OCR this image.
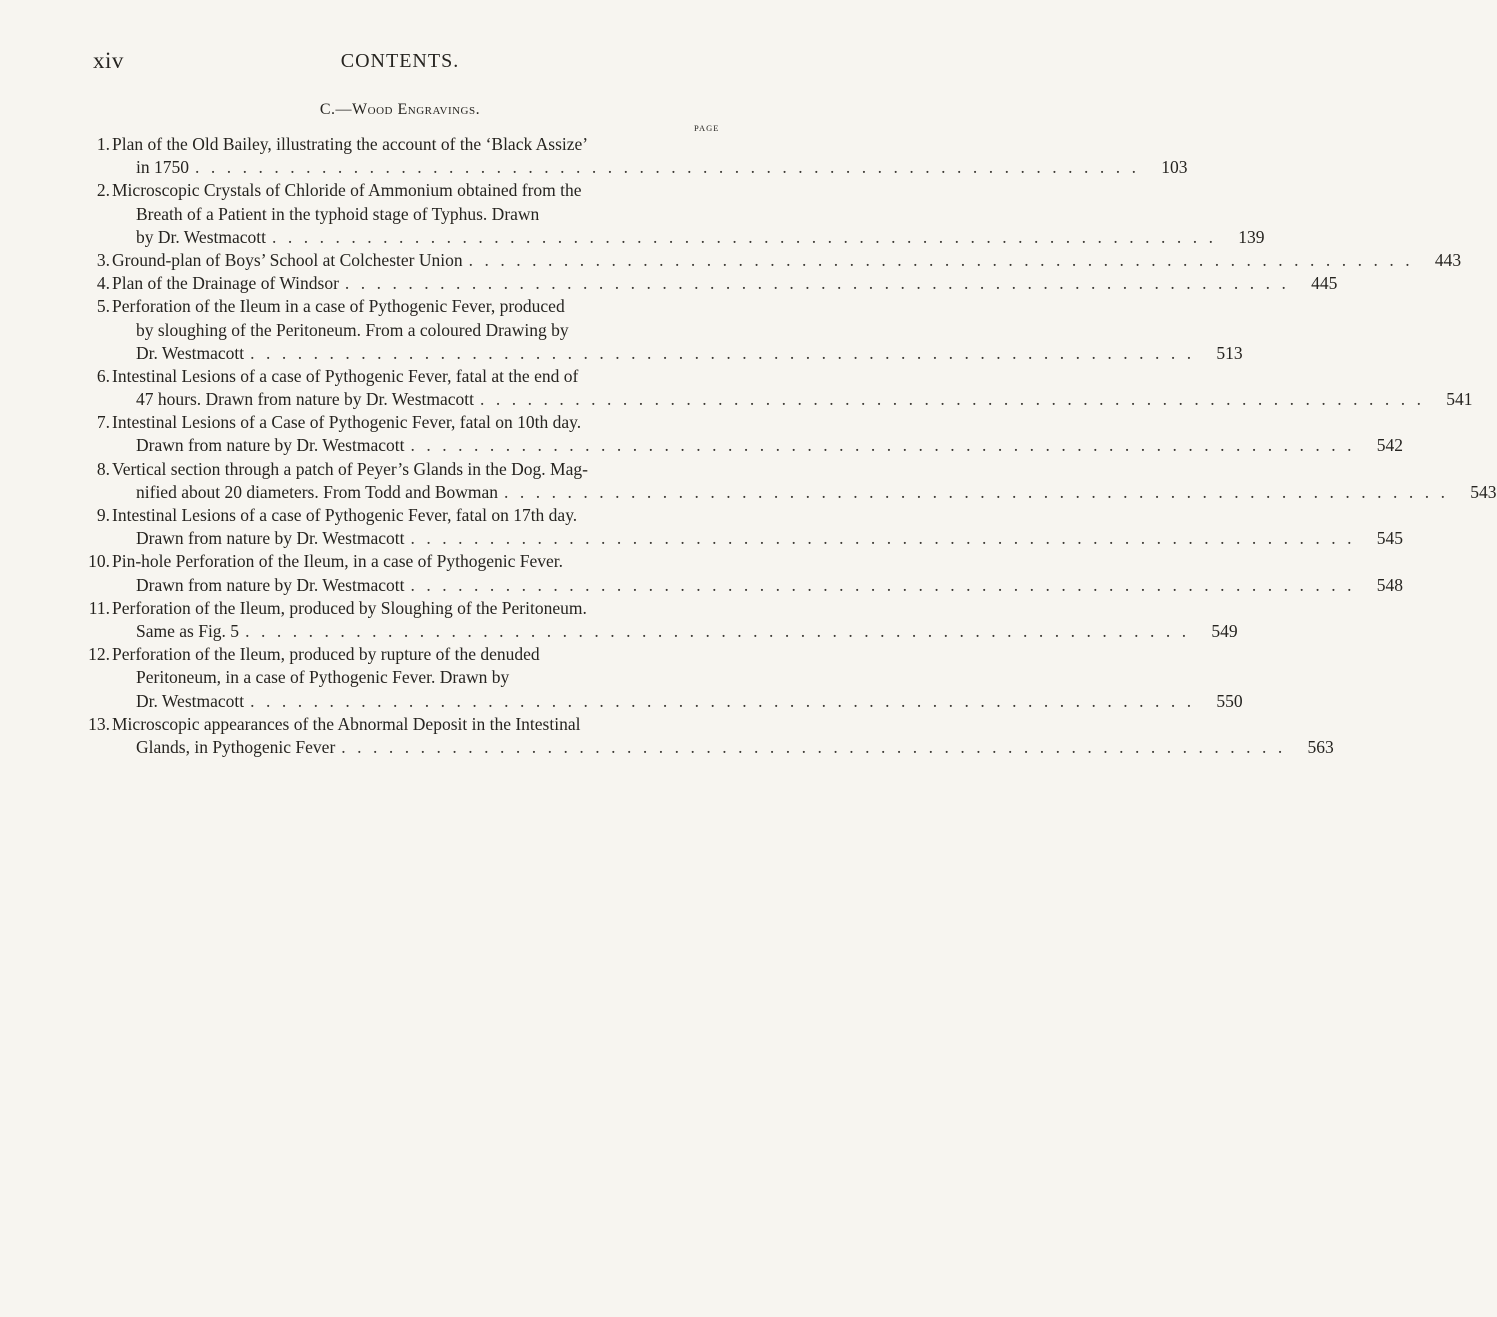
xiv	CONTENTS.
C.—Wood Engravings.
PAGE
1. Plan of the Old Bailey, illustrating the account of the ‘Black Assize’
in 1750 ............................................................ 103
2. Microscopic Crystals of Chloride of Ammonium obtained from the
Breath of a Patient in the typhoid stage of Typhus. Drawn
by Dr. Westmacott ............................................................ 139
3. Ground-plan of Boys’ School at Colchester Union ............................................................ 443
4. Plan of the Drainage of Windsor ............................................................ 445
5. Perforation of the Ileum in a case of Pythogenic Fever, produced
by sloughing of the Peritoneum. From a coloured Drawing by
Dr. Westmacott ............................................................ 513
6. Intestinal Lesions of a case of Pythogenic Fever, fatal at the end of
47 hours. Drawn from nature by Dr. Westmacott ............................................................ 541
7. Intestinal Lesions of a Case of Pythogenic Fever, fatal on 10th day.
Drawn from nature by Dr. Westmacott ............................................................ 542
8. Vertical section through a patch of Peyer’s Glands in the Dog. Mag-
nified about 20 diameters. From Todd and Bowman ............................................................ 543
9. Intestinal Lesions of a case of Pythogenic Fever, fatal on 17th day.
Drawn from nature by Dr. Westmacott ............................................................ 545
10. Pin-hole Perforation of the Ileum, in a case of Pythogenic Fever.
Drawn from nature by Dr. Westmacott ............................................................ 548
11. Perforation of the Ileum, produced by Sloughing of the Peritoneum.
Same as Fig. 5 ............................................................ 549
12. Perforation of the Ileum, produced by rupture of the denuded
Peritoneum, in a case of Pythogenic Fever. Drawn by
Dr. Westmacott ............................................................ 550
13. Microscopic appearances of the Abnormal Deposit in the Intestinal
Glands, in Pythogenic Fever ............................................................ 563
